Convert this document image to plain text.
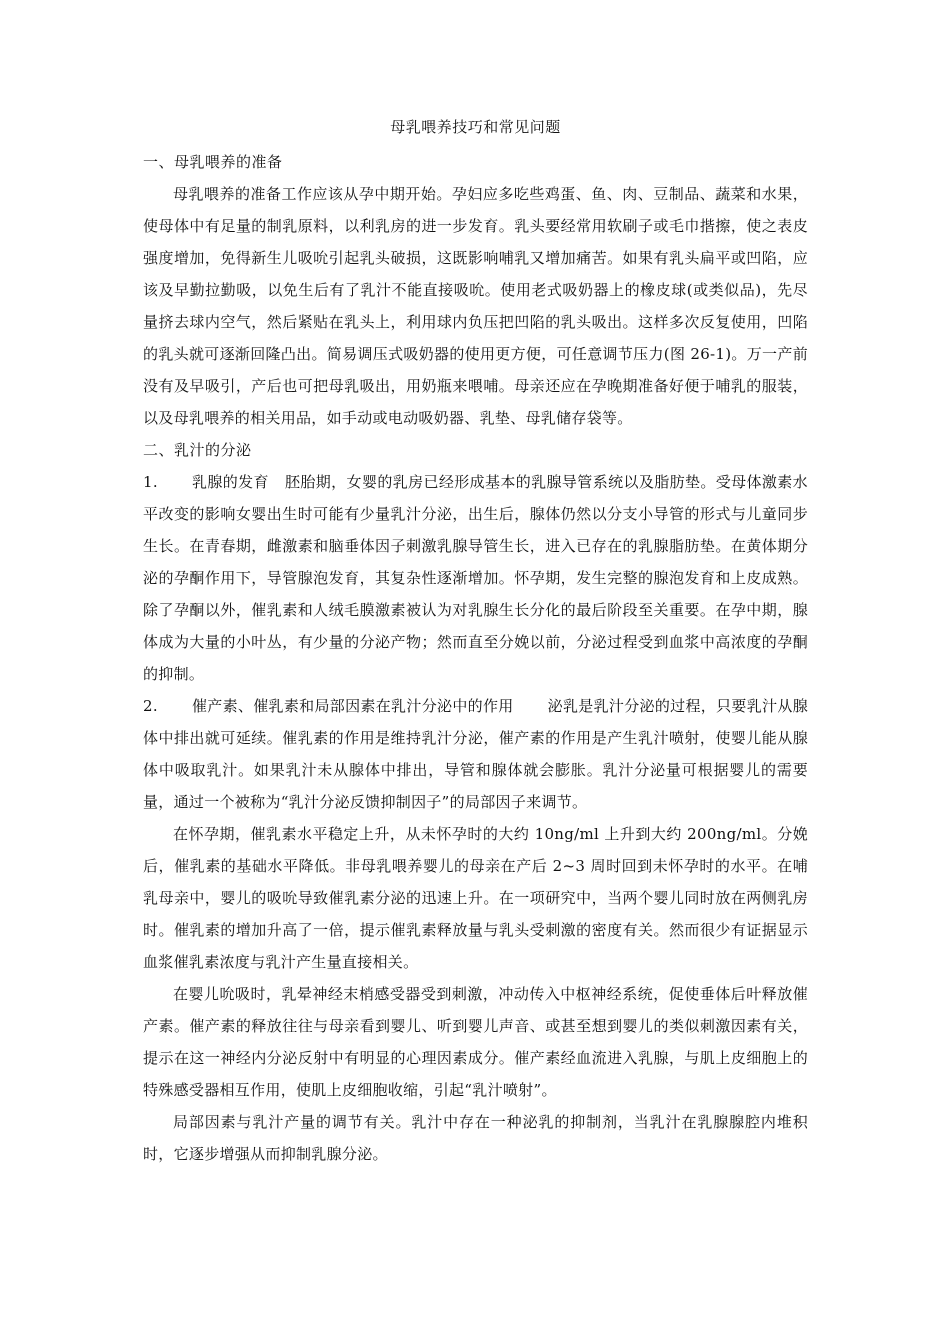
母乳喂养技巧和常见问题
一、母乳喂养的准备

母乳喂养的准备工作应该从孕中期开始。孕妇应多吃些鸡蛋、鱼、肉、豆制品、蔬菜和水果，使母体中有足量的制乳原料，以利乳房的进一步发育。乳头要经常用软刷子或毛巾揩擦，使之表皮强度增加，免得新生儿吸吮引起乳头破损，这既影响哺乳又增加痛苦。如果有乳头扁平或凹陷，应该及早勤拉勤吸，以免生后有了乳汁不能直接吸吮。使用老式吸奶器上的橡皮球(或类似品)，先尽量挤去球内空气，然后紧贴在乳头上，利用球内负压把凹陷的乳头吸出。这样多次反复使用，凹陷的乳头就可逐渐回隆凸出。简易调压式吸奶器的使用更方便，可任意调节压力(图 26-1)。万一产前没有及早吸引，产后也可把母乳吸出，用奶瓶来喂哺。母亲还应在孕晚期准备好便于哺乳的服装，以及母乳喂养的相关用品，如手动或电动吸奶器、乳垫、母乳储存袋等。

二、乳汁的分泌

1. 乳腺的发育 胚胎期，女婴的乳房已经形成基本的乳腺导管系统以及脂肪垫。受母体激素水平改变的影响女婴出生时可能有少量乳汁分泌，出生后，腺体仍然以分支小导管的形式与儿童同步生长。在青春期，雌激素和脑垂体因子刺激乳腺导管生长，进入已存在的乳腺脂肪垫。在黄体期分泌的孕酮作用下，导管腺泡发育，其复杂性逐渐增加。怀孕期，发生完整的腺泡发育和上皮成熟。除了孕酮以外，催乳素和人绒毛膜激素被认为对乳腺生长分化的最后阶段至关重要。在孕中期，腺体成为大量的小叶丛，有少量的分泌产物；然而直至分娩以前，分泌过程受到血浆中高浓度的孕酮的抑制。

2. 催产素、催乳素和局部因素在乳汁分泌中的作用 泌乳是乳汁分泌的过程，只要乳汁从腺体中排出就可延续。催乳素的作用是维持乳汁分泌，催产素的作用是产生乳汁喷射，使婴儿能从腺体中吸取乳汁。如果乳汁未从腺体中排出，导管和腺体就会膨胀。乳汁分泌量可根据婴儿的需要量，通过一个被称为“乳汁分泌反馈抑制因子”的局部因子来调节。

在怀孕期，催乳素水平稳定上升，从未怀孕时的大约 10ng/ml 上升到大约 200ng/ml。分娩后，催乳素的基础水平降低。非母乳喂养婴儿的母亲在产后 2~3 周时回到未怀孕时的水平。在哺乳母亲中，婴儿的吸吮导致催乳素分泌的迅速上升。在一项研究中，当两个婴儿同时放在两侧乳房时。催乳素的增加升高了一倍，提示催乳素释放量与乳头受刺激的密度有关。然而很少有证据显示血浆催乳素浓度与乳汁产生量直接相关。

在婴儿吮吸时，乳晕神经末梢感受器受到刺激，冲动传入中枢神经系统，促使垂体后叶释放催产素。催产素的释放往往与母亲看到婴儿、听到婴儿声音、或甚至想到婴儿的类似刺激因素有关，提示在这一神经内分泌反射中有明显的心理因素成分。催产素经血流进入乳腺，与肌上皮细胞上的特殊感受器相互作用，使肌上皮细胞收缩，引起“乳汁喷射”。

局部因素与乳汁产量的调节有关。乳汁中存在一种泌乳的抑制剂，当乳汁在乳腺腺腔内堆积时，它逐步增强从而抑制乳腺分泌。
